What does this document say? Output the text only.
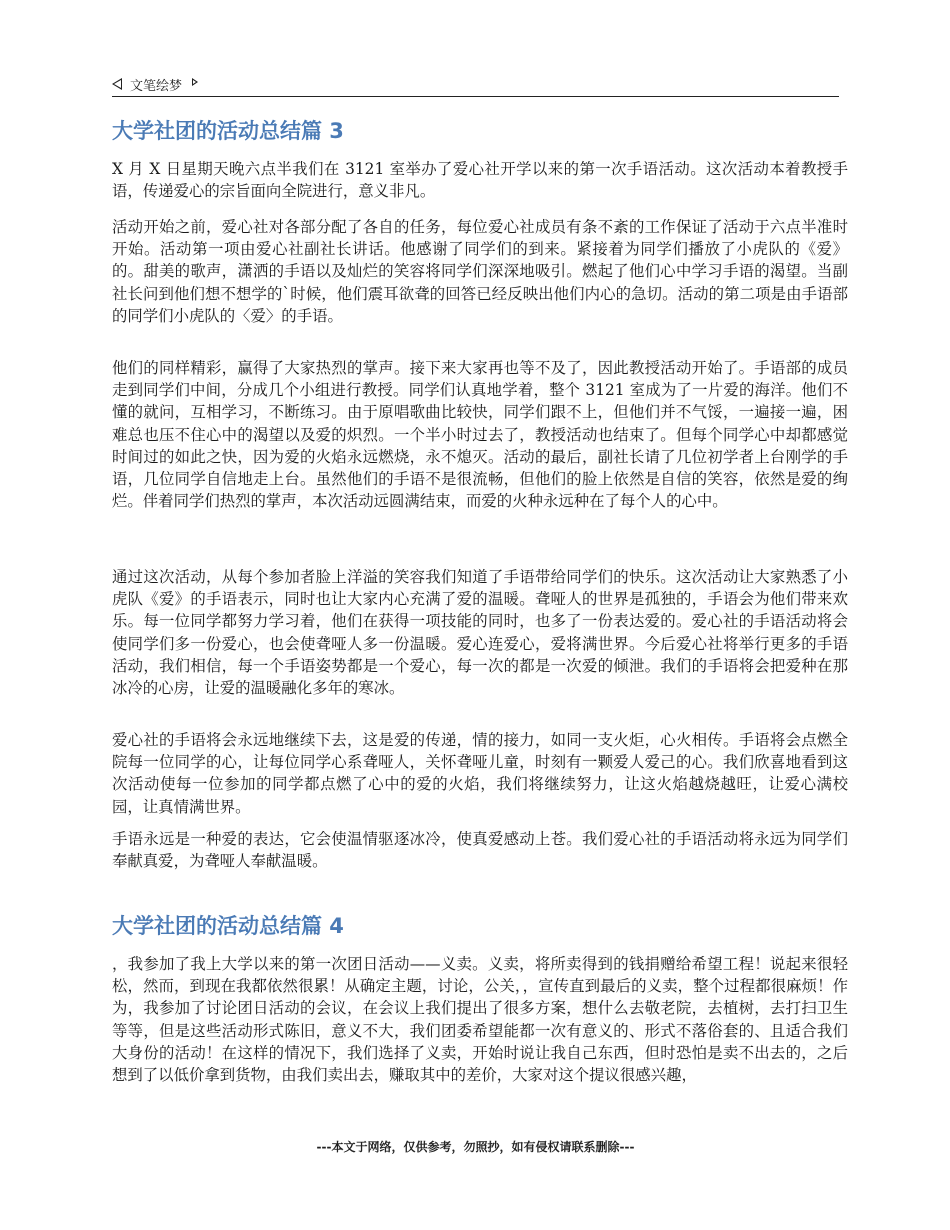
文笔绘梦
大学社团的活动总结篇 3

X 月 X 日星期天晚六点半我们在 3121 室举办了爱心社开学以来的第一次手语活动。这次活动本着教授手语，传递爱心的宗旨面向全院进行，意义非凡。

活动开始之前，爱心社对各部分配了各自的任务，每位爱心社成员有条不紊的工作保证了活动于六点半准时开始。活动第一项由爱心社副社长讲话。他感谢了同学们的到来。紧接着为同学们播放了小虎队的《爱》的。甜美的歌声，潇洒的手语以及灿烂的笑容将同学们深深地吸引。燃起了他们心中学习手语的渴望。当副社长问到他们想不想学的`时候，他们震耳欲聋的回答已经反映出他们内心的急切。活动的第二项是由手语部的同学们小虎队的〈爱〉的手语。

他们的同样精彩，赢得了大家热烈的掌声。接下来大家再也等不及了，因此教授活动开始了。手语部的成员走到同学们中间，分成几个小组进行教授。同学们认真地学着，整个 3121 室成为了一片爱的海洋。他们不懂的就问，互相学习，不断练习。由于原唱歌曲比较快，同学们跟不上，但他们并不气馁，一遍接一遍，困难总也压不住心中的渴望以及爱的炽烈。一个半小时过去了，教授活动也结束了。但每个同学心中却都感觉时间过的如此之快，因为爱的火焰永远燃烧，永不熄灭。活动的最后，副社长请了几位初学者上台刚学的手语，几位同学自信地走上台。虽然他们的手语不是很流畅，但他们的脸上依然是自信的笑容，依然是爱的绚烂。伴着同学们热烈的掌声，本次活动远圆满结束，而爱的火种永远种在了每个人的心中。

通过这次活动，从每个参加者脸上洋溢的笑容我们知道了手语带给同学们的快乐。这次活动让大家熟悉了小虎队《爱》的手语表示，同时也让大家内心充满了爱的温暖。聋哑人的世界是孤独的，手语会为他们带来欢乐。每一位同学都努力学习着，他们在获得一项技能的同时，也多了一份表达爱的。爱心社的手语活动将会使同学们多一份爱心，也会使聋哑人多一份温暖。爱心连爱心，爱将满世界。今后爱心社将举行更多的手语活动，我们相信，每一个手语姿势都是一个爱心，每一次的都是一次爱的倾泄。我们的手语将会把爱种在那冰冷的心房，让爱的温暖融化多年的寒冰。

爱心社的手语将会永远地继续下去，这是爱的传递，情的接力，如同一支火炬，心火相传。手语将会点燃全院每一位同学的心，让每位同学心系聋哑人，关怀聋哑儿童，时刻有一颗爱人爱己的心。我们欣喜地看到这次活动使每一位参加的同学都点燃了心中的爱的火焰，我们将继续努力，让这火焰越烧越旺，让爱心满校园，让真情满世界。

手语永远是一种爱的表达，它会使温情驱逐冰冷，使真爱感动上苍。我们爱心社的手语活动将永远为同学们奉献真爱，为聋哑人奉献温暖。

大学社团的活动总结篇 4

，我参加了我上大学以来的第一次团日活动——义卖。义卖，将所卖得到的钱捐赠给希望工程！说起来很轻松，然而，到现在我都依然很累！从确定主题，讨论，公关，，宣传直到最后的义卖，整个过程都很麻烦！作为，我参加了讨论团日活动的会议，在会议上我们提出了很多方案，想什么去敬老院，去植树，去打扫卫生等等，但是这些活动形式陈旧，意义不大，我们团委希望能都一次有意义的、形式不落俗套的、且适合我们大身份的活动！在这样的情况下，我们选择了义卖，开始时说让我自己东西，但时恐怕是卖不出去的，之后想到了以低价拿到货物，由我们卖出去，赚取其中的差价，大家对这个提议很感兴趣，

---本文于网络，仅供参考，勿照抄，如有侵权请联系删除---
